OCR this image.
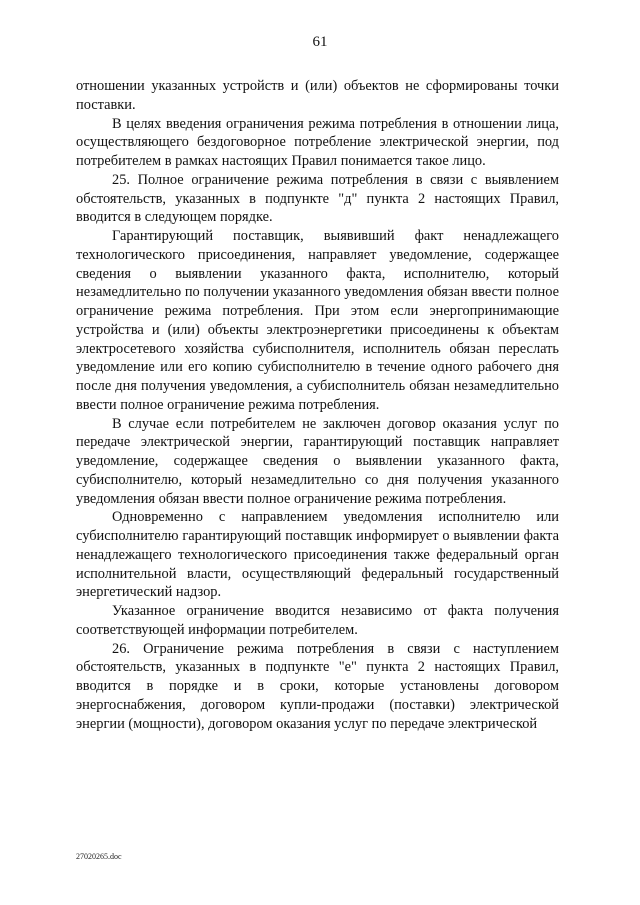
61

отношении указанных устройств и (или) объектов не сформированы точки поставки.

В целях введения ограничения режима потребления в отношении лица, осуществляющего бездоговорное потребление электрической энергии, под потребителем в рамках настоящих Правил понимается такое лицо.

25. Полное ограничение режима потребления в связи с выявлением обстоятельств, указанных в подпункте "д" пункта 2 настоящих Правил, вводится в следующем порядке.

Гарантирующий поставщик, выявивший факт ненадлежащего технологического присоединения, направляет уведомление, содержащее сведения о выявлении указанного факта, исполнителю, который незамедлительно по получении указанного уведомления обязан ввести полное ограничение режима потребления. При этом если энергопринимающие устройства и (или) объекты электроэнергетики присоединены к объектам электросетевого хозяйства субисполнителя, исполнитель обязан переслать уведомление или его копию субисполнителю в течение одного рабочего дня после дня получения уведомления, а субисполнитель обязан незамедлительно ввести полное ограничение режима потребления.

В случае если потребителем не заключен договор оказания услуг по передаче электрической энергии, гарантирующий поставщик направляет уведомление, содержащее сведения о выявлении указанного факта, субисполнителю, который незамедлительно со дня получения указанного уведомления обязан ввести полное ограничение режима потребления.

Одновременно с направлением уведомления исполнителю или субисполнителю гарантирующий поставщик информирует о выявлении факта ненадлежащего технологического присоединения также федеральный орган исполнительной власти, осуществляющий федеральный государственный энергетический надзор.

Указанное ограничение вводится независимо от факта получения соответствующей информации потребителем.

26. Ограничение режима потребления в связи с наступлением обстоятельств, указанных в подпункте "е" пункта 2 настоящих Правил, вводится в порядке и в сроки, которые установлены договором энергоснабжения, договором купли-продажи (поставки) электрической энергии (мощности), договором оказания услуг по передаче электрической

27020265.doc
